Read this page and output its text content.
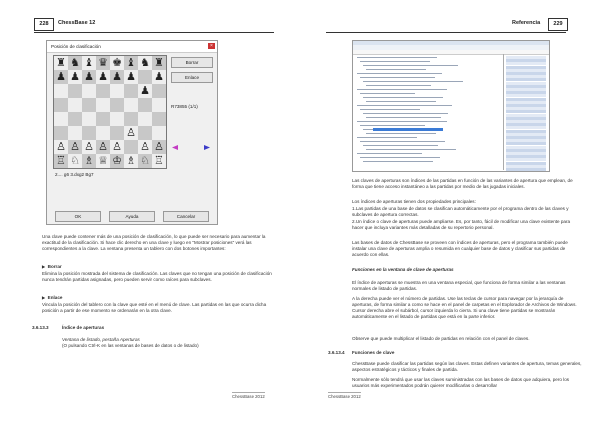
228	ChessBase 12
Posición de clasificación	×
♜ ♞ ♝ ♛ ♚ ♝ ♞ ♜
♟ ♟ ♟ ♟ ♟ ♟ ♟
♟
♙
♙ ♙ ♙ ♙ ♙ ♙ ♙
♖ ♘ ♗ ♕ ♔ ♗ ♘ ♖
Borrar
Enlace
R73855 (1/1)
2.... g6 3.dxg2 Bg7
OK	Ayuda	Cancelar
Una clave puede contener más de una posición de clasificación, lo que puede ser necesario para aumentar la exactitud de la clasificación. Si hace clic derecho en una clave y luego en "Mostrar posiciones" verá las correspondientes a la clave. La ventana presenta un tablero con dos botones importantes:
▶ Borrar
Elimina la posición mostrada del sistema de clasificación. Las claves que no tengan una posición de clasificación nunca tendrán partidas asignadas, pero pueden servir como raíces para subclaves.
▶ Enlace
Vincula la posición del tablero con la clave que esté en el menú de clave. Las partidas en las que ocurra dicha posición a partir de ese momento se ordenarán en la otra clave.
3.6.13.3	Índice de aperturas
Ventana de listado, pestaña Aperturas
(O pulsando Ctrl-K en las ventanas de bases de datos o de listado)
ChessBase 2012
Referencia	229
Las claves de aperturas son índices de las partidas en función de las variantes de apertura que emplean, de forma que tiene acceso instantáneo a las partidas por medio de las jugadas iniciales.
Los índices de aperturas tienen dos propiedades principales:
1.Las partidas de una base de datos se clasifican automáticamente por el programa dentro de las claves y subclaves de apertura correctas.
2.Un índice o clave de aperturas puede ampliarse. Es, por tanto, fácil de modificar una clave existente para hacer que incluya variantes más detalladas de su repertorio personal.
Las bases de datos de ChessBase se proveen con índices de aperturas, pero el programa también puede instalar una clave de aperturas amplia o resumida en cualquier base de datos y clasificar sus partidas de acuerdo con ellas.
Funciones en la ventana de clave de aperturas
El índice de aperturas se muestra en una ventana especial, que funciona de forma similar a las ventanas normales de listado de partidas.
A la derecha puede ver el número de partidas. Use las teclas de cursor para navegar por la jerarquía de aperturas, de forma similar a como se hace en el panel de carpetas en el Explorador de Archivos de Windows. Cursor derecha abre el subárbol, cursor izquierda lo cierra. Si una clave tiene partidas se mostrarán automáticamente en el listado de partidas que está en la parte inferior.
Observe que puede multiplicar el listado de partidas en relación con el panel de claves.
3.6.13.4 Funciones de clave
ChessBase puede clasificar las partidas según las claves. Estas definen variantes de apertura, temas generales, aspectos estratégicos y tácticos y finales de partida.
Normalmente sólo tendrá que usar las claves suministradas con las bases de datos que adquiera, pero los usuarios más experimentados podrán quierer modificarlas o desarrollar
ChessBase 2012
